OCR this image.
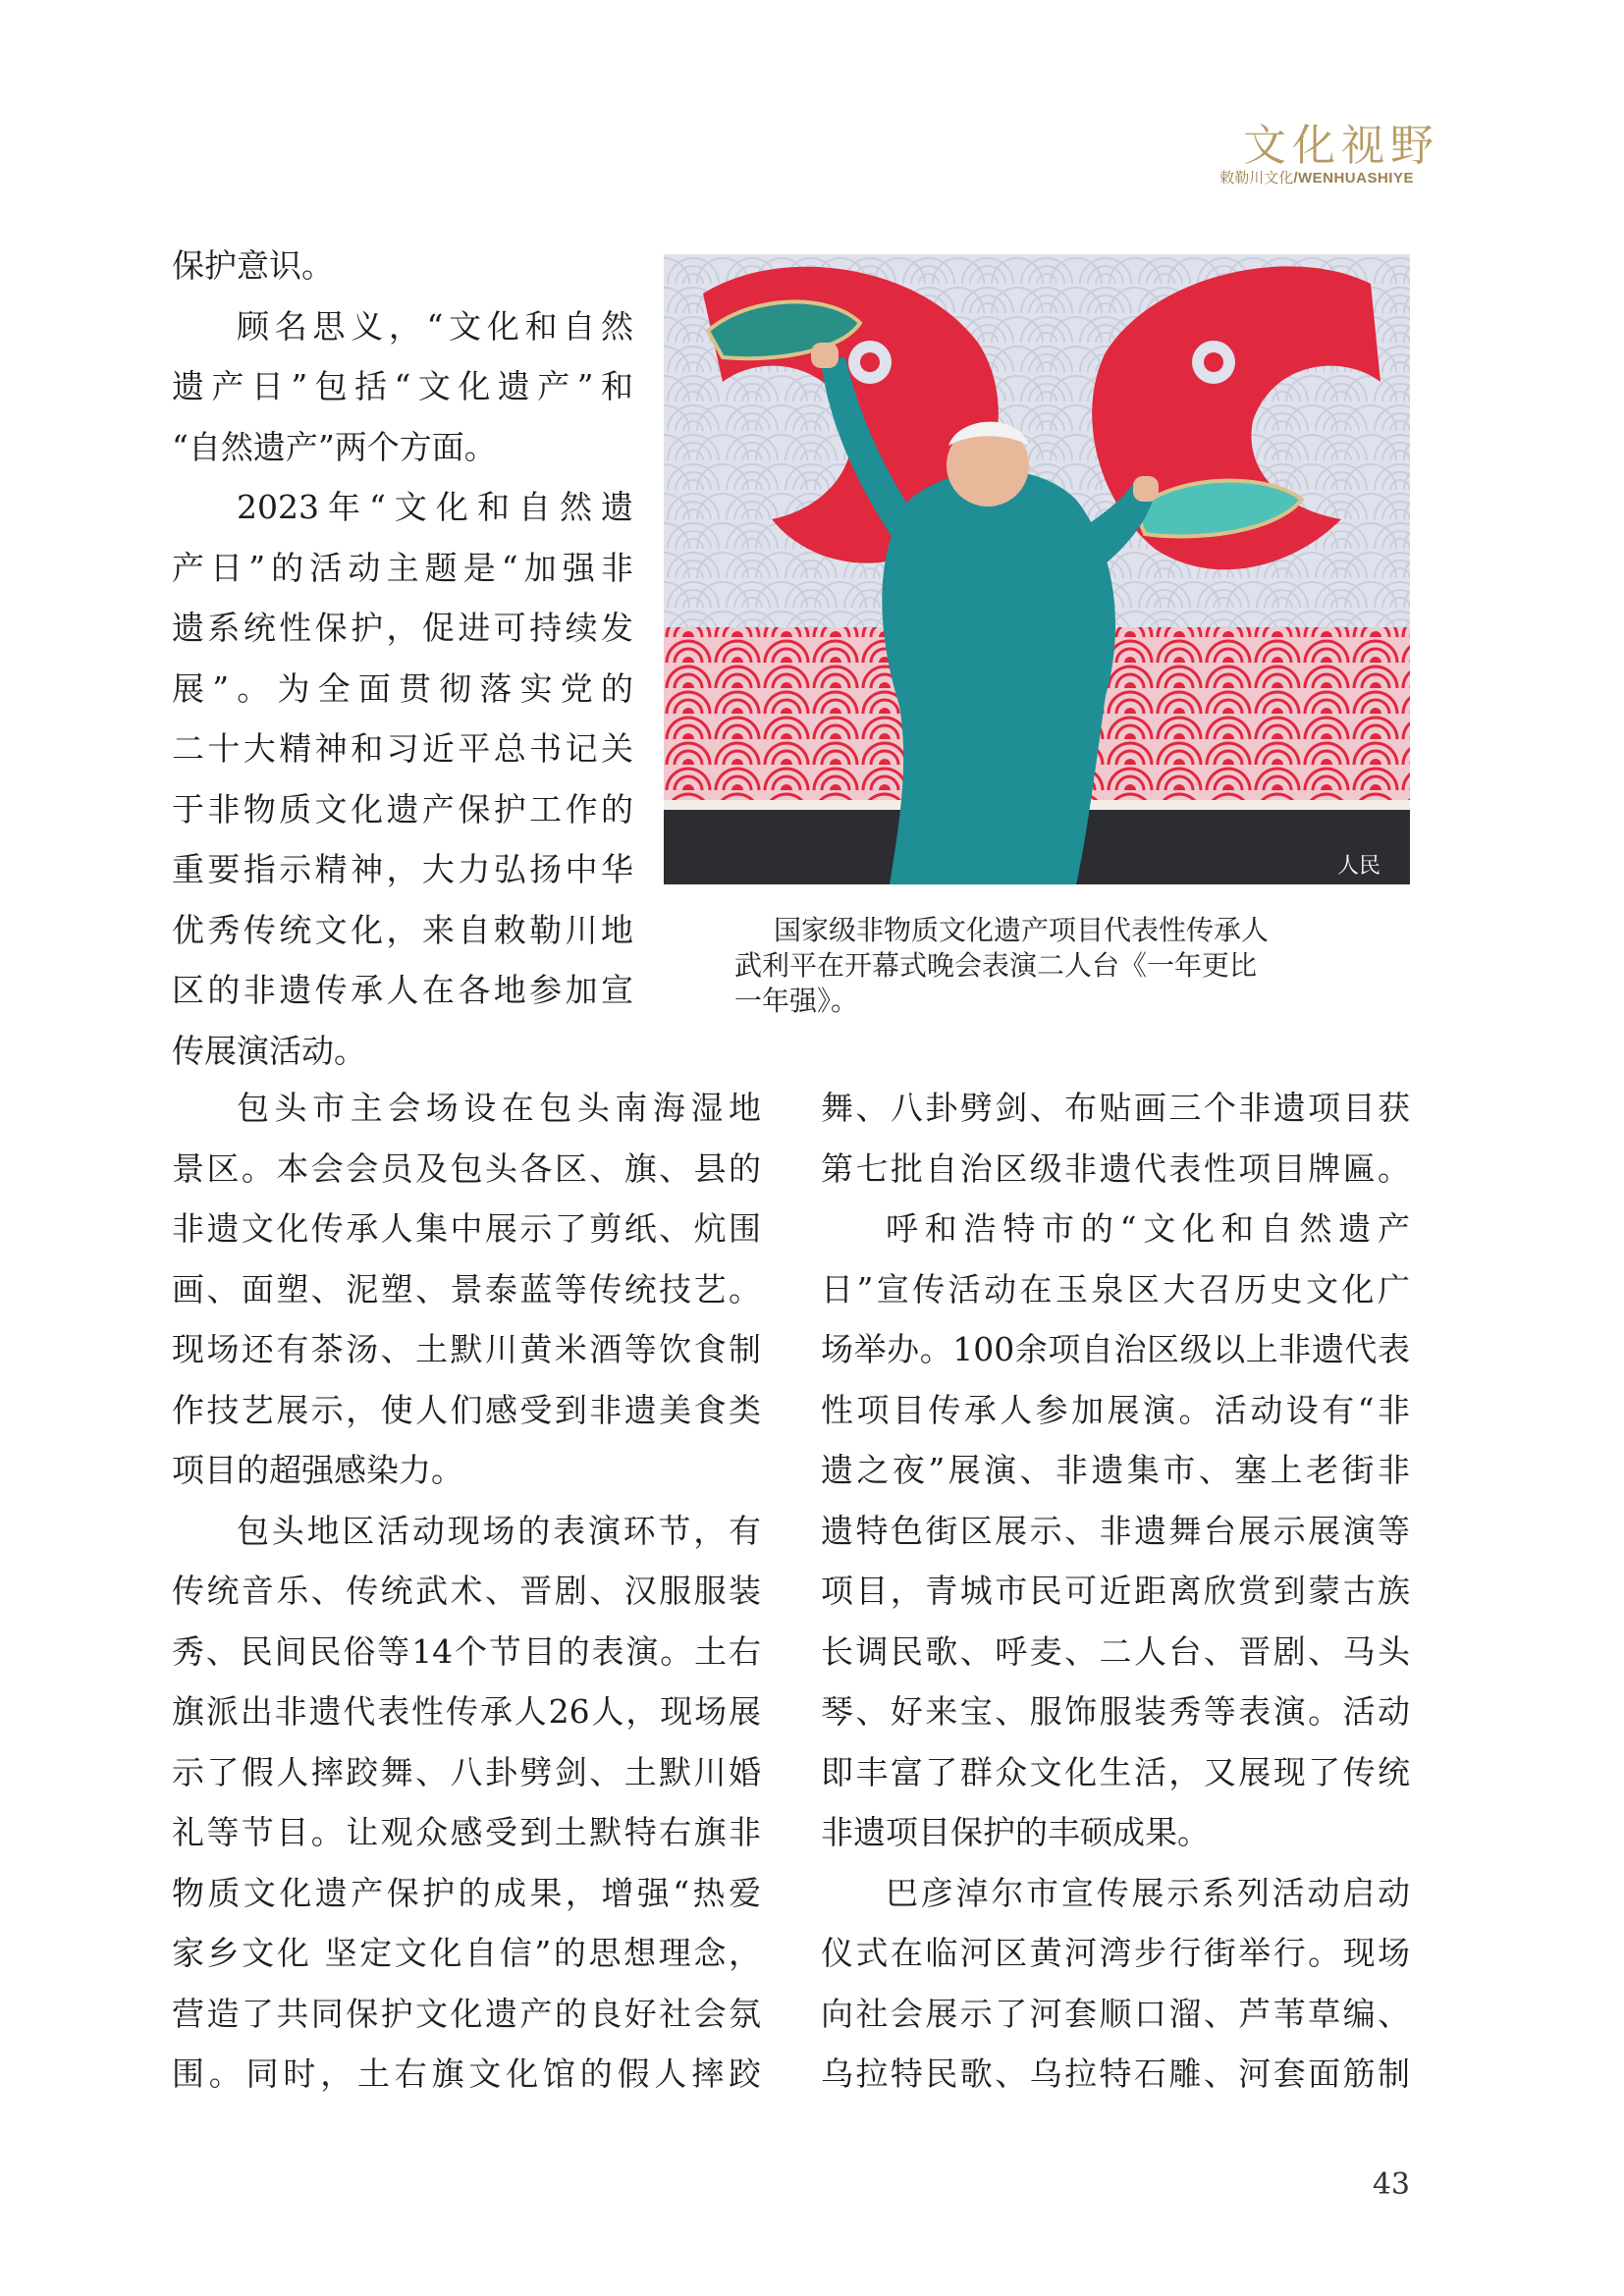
文化视野
敕勒川文化/WENHUASHIYE

保护意识。

顾名思义，“文化和自然

遗产日”包括“文化遗产”和

“自然遗产”两个方面。

2023年“文化和自然遗

产日”的活动主题是“加强非

遗系统性保护，促进可持续发

展”。为全面贯彻落实党的

二十大精神和习近平总书记关

于非物质文化遗产保护工作的

重要指示精神，大力弘扬中华

优秀传统文化，来自敕勒川地

区的非遗传承人在各地参加宣

传展演活动。

人民

国家级非物质文化遗产项目代表性传承人

武利平在开幕式晚会表演二人台《一年更比

一年强》。

包头市主会场设在包头南海湿地

景区。本会会员及包头各区、旗、县的

非遗文化传承人集中展示了剪纸、炕围

画、面塑、泥塑、景泰蓝等传统技艺。

现场还有茶汤、土默川黄米酒等饮食制

作技艺展示，使人们感受到非遗美食类

项目的超强感染力。

包头地区活动现场的表演环节，有

传统音乐、传统武术、晋剧、汉服服装

秀、民间民俗等14个节目的表演。土右

旗派出非遗代表性传承人26人，现场展

示了假人摔跤舞、八卦劈剑、土默川婚

礼等节目。让观众感受到土默特右旗非

物质文化遗产保护的成果，增强“热爱

家乡文化 坚定文化自信”的思想理念，

营造了共同保护文化遗产的良好社会氛

围。同时，土右旗文化馆的假人摔跤

舞、八卦劈剑、布贴画三个非遗项目获

第七批自治区级非遗代表性项目牌匾。

呼和浩特市的“文化和自然遗产

日”宣传活动在玉泉区大召历史文化广

场举办。100余项自治区级以上非遗代表

性项目传承人参加展演。活动设有“非

遗之夜”展演、非遗集市、塞上老街非

遗特色街区展示、非遗舞台展示展演等

项目，青城市民可近距离欣赏到蒙古族

长调民歌、呼麦、二人台、晋剧、马头

琴、好来宝、服饰服装秀等表演。活动

即丰富了群众文化生活，又展现了传统

非遗项目保护的丰硕成果。

巴彦淖尔市宣传展示系列活动启动

仪式在临河区黄河湾步行街举行。现场

向社会展示了河套顺口溜、芦苇草编、

乌拉特民歌、乌拉特石雕、河套面筋制

43
